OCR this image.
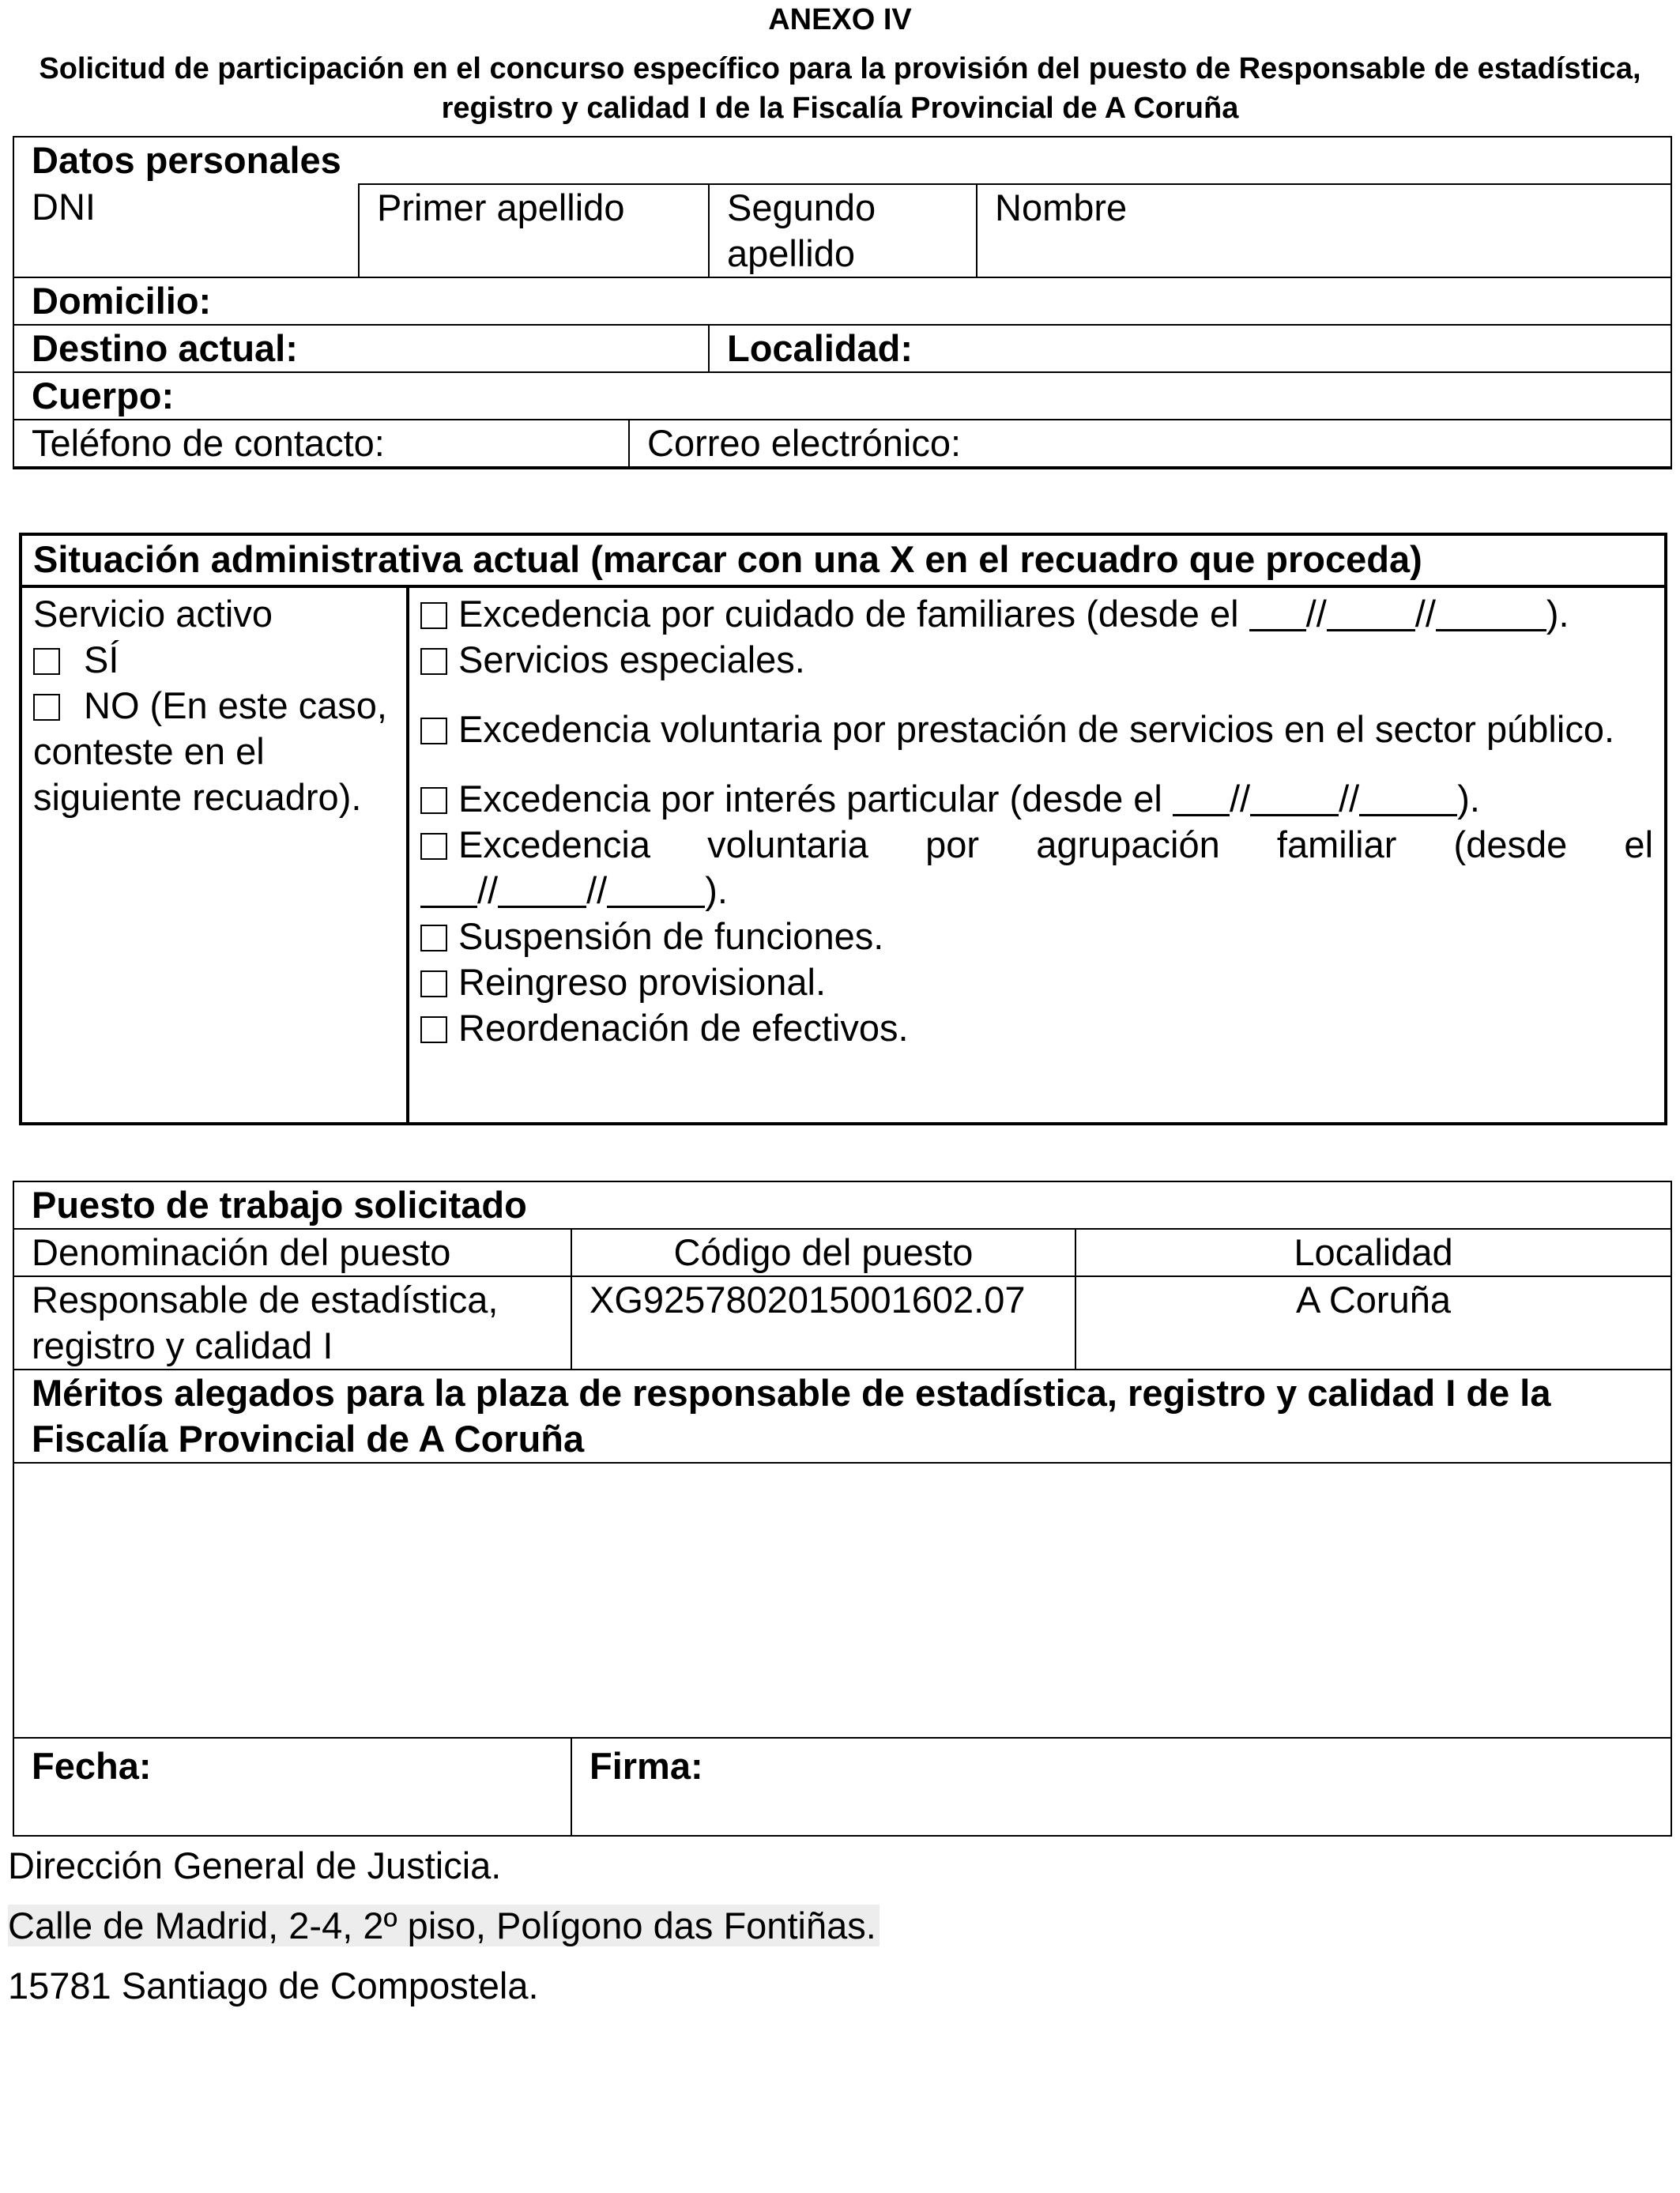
ANEXO IV
Solicitud de participación en el concurso específico para la provisión del puesto de Responsable de estadística, registro y calidad I de la Fiscalía Provincial de A Coruña
Datos personales				
DNI	Primer apellido		Segundo apellido	Nombre
Domicilio:				
Destino actual:			Localidad:	
Cuerpo:				
Teléfono de contacto:		Correo electrónico:		
Situación administrativa actual (marcar con una X en el recuadro que proceda)

Servicio activo
SÍ
NO (En este caso, conteste en el siguiente recuadro).

Excedencia por cuidado de familiares (desde el // //	).
Servicios especiales.
Excedencia voluntaria por prestación de servicios en el sector público.
Excedencia por interés particular (desde el // //	).
Excedencia voluntaria por agrupación familiar (desde el
// //	).
Suspensión de funciones.
Reingreso provisional.
Reordenación de efectivos.
Puesto de trabajo solicitado		
Denominación del puesto	Código del puesto	Localidad
Responsable de estadística, registro y calidad I	XG9257802015001602.07	A Coruña
Méritos alegados para la plaza de responsable de estadística, registro y calidad I de la Fiscalía Provincial de A Coruña		

Fecha:	Firma:	
Dirección General de Justicia.
Calle de Madrid, 2-4, 2º piso, Polígono das Fontiñas.
15781 Santiago de Compostela.
